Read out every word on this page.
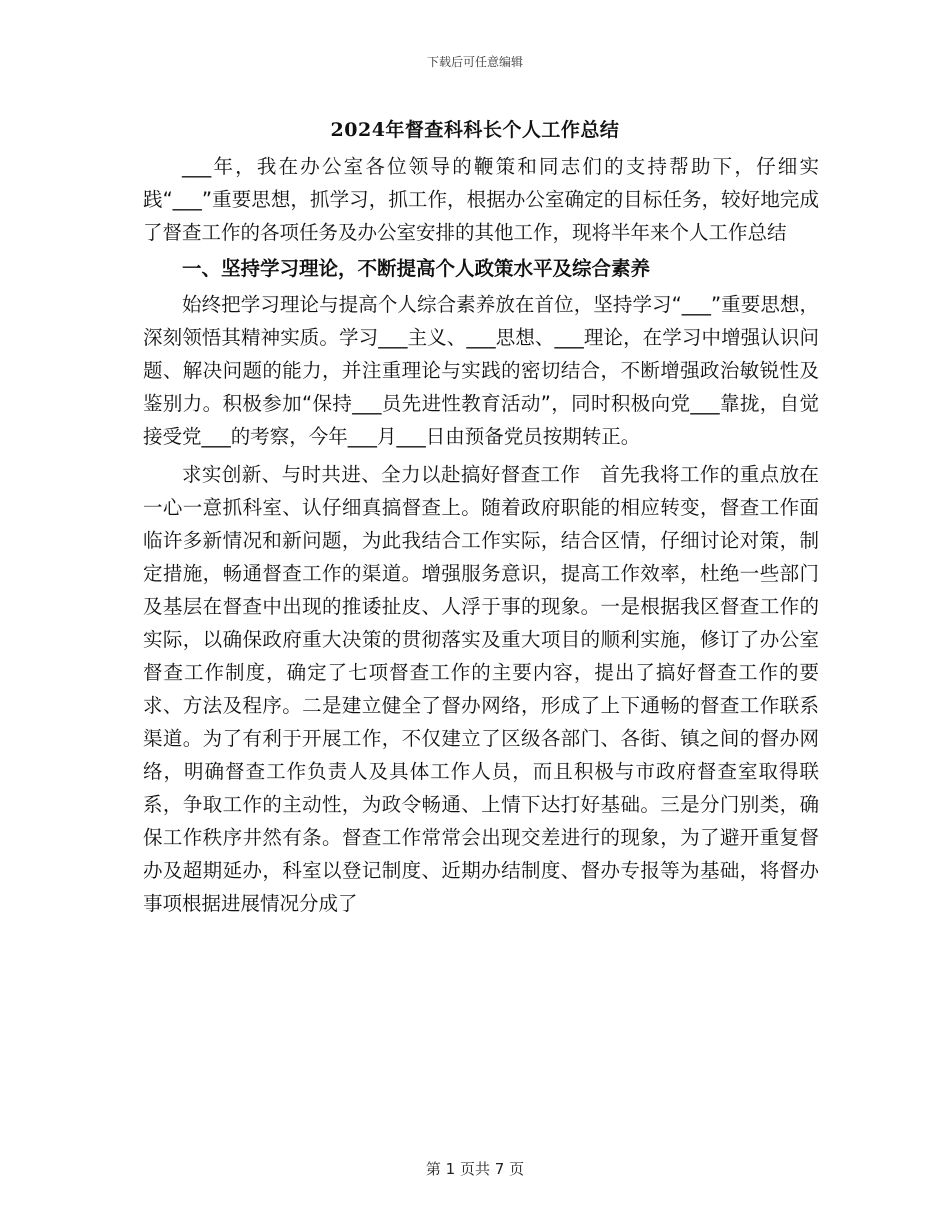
下载后可任意编辑
2024年督查科科长个人工作总结

___年，我在办公室各位领导的鞭策和同志们的支持帮助下，仔细实践“___”重要思想，抓学习，抓工作，根据办公室确定的目标任务，较好地完成了督查工作的各项任务及办公室安排的其他工作，现将半年来个人工作总结

一、坚持学习理论，不断提高个人政策水平及综合素养

始终把学习理论与提高个人综合素养放在首位，坚持学习“___”重要思想，深刻领悟其精神实质。学习___主义、___思想、___理论，在学习中增强认识问题、解决问题的能力，并注重理论与实践的密切结合，不断增强政治敏锐性及鉴别力。积极参加“保持___员先进性教育活动”，同时积极向党___靠拢，自觉接受党___的考察，今年___月___日由预备党员按期转正。

求实创新、与时共进、全力以赴搞好督查工作　首先我将工作的重点放在一心一意抓科室、认仔细真搞督查上。随着政府职能的相应转变，督查工作面临许多新情况和新问题，为此我结合工作实际，结合区情，仔细讨论对策，制定措施，畅通督查工作的渠道。增强服务意识，提高工作效率，杜绝一些部门及基层在督查中出现的推诿扯皮、人浮于事的现象。一是根据我区督查工作的实际，以确保政府重大决策的贯彻落实及重大项目的顺利实施，修订了办公室督查工作制度，确定了七项督查工作的主要内容，提出了搞好督查工作的要求、方法及程序。二是建立健全了督办网络，形成了上下通畅的督查工作联系渠道。为了有利于开展工作，不仅建立了区级各部门、各街、镇之间的督办网络，明确督查工作负责人及具体工作人员，而且积极与市政府督查室取得联系，争取工作的主动性，为政令畅通、上情下达打好基础。三是分门别类，确保工作秩序井然有条。督查工作常常会出现交差进行的现象，为了避开重复督办及超期延办，科室以登记制度、近期办结制度、督办专报等为基础，将督办事项根据进展情况分成了

第 1 页共 7 页
